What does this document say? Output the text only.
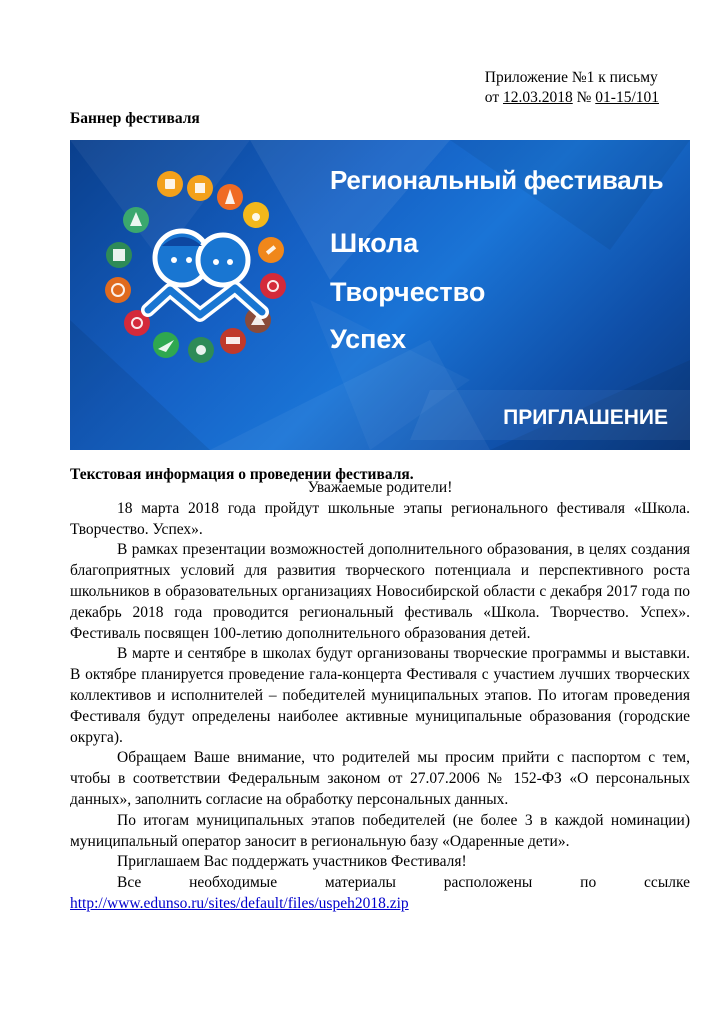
Приложение №1 к письму
от 12.03.2018 № 01-15/101
Баннер фестиваля
Региональный фестиваль
Школа
Творчество
Успех
ПРИГЛАШЕНИЕ
Текстовая информация о проведении фестиваля.
Уважаемые родители!

18 марта 2018 года пройдут школьные этапы регионального фестиваля «Школа. Творчество. Успех».

В рамках презентации возможностей дополнительного образования, в целях создания благоприятных условий для развития творческого потенциала и перспективного роста школьников в образовательных организациях Новосибирской области с декабря 2017 года по декабрь 2018 года проводится региональный фестиваль «Школа. Творчество. Успех». Фестиваль посвящен 100-летию дополнительного образования детей.

В марте и сентябре в школах будут организованы творческие программы и выставки. В октябре планируется проведение гала-концерта Фестиваля с участием лучших творческих коллективов и исполнителей – победителей муниципальных этапов. По итогам проведения Фестиваля будут определены наиболее активные муниципальные образования (городские округа).

Обращаем Ваше внимание, что родителей мы просим прийти с паспортом с тем, чтобы в соответствии Федеральным законом от 27.07.2006 № 152-ФЗ «О персональных данных», заполнить согласие на обработку персональных данных.

По итогам муниципальных этапов победителей (не более 3 в каждой номинации) муниципальный оператор заносит в региональную базу «Одаренные дети».

Приглашаем Вас поддержать участников Фестиваля!

Все необходимые материалы расположены по ссылке

http://www.edunso.ru/sites/default/files/uspeh2018.zip
